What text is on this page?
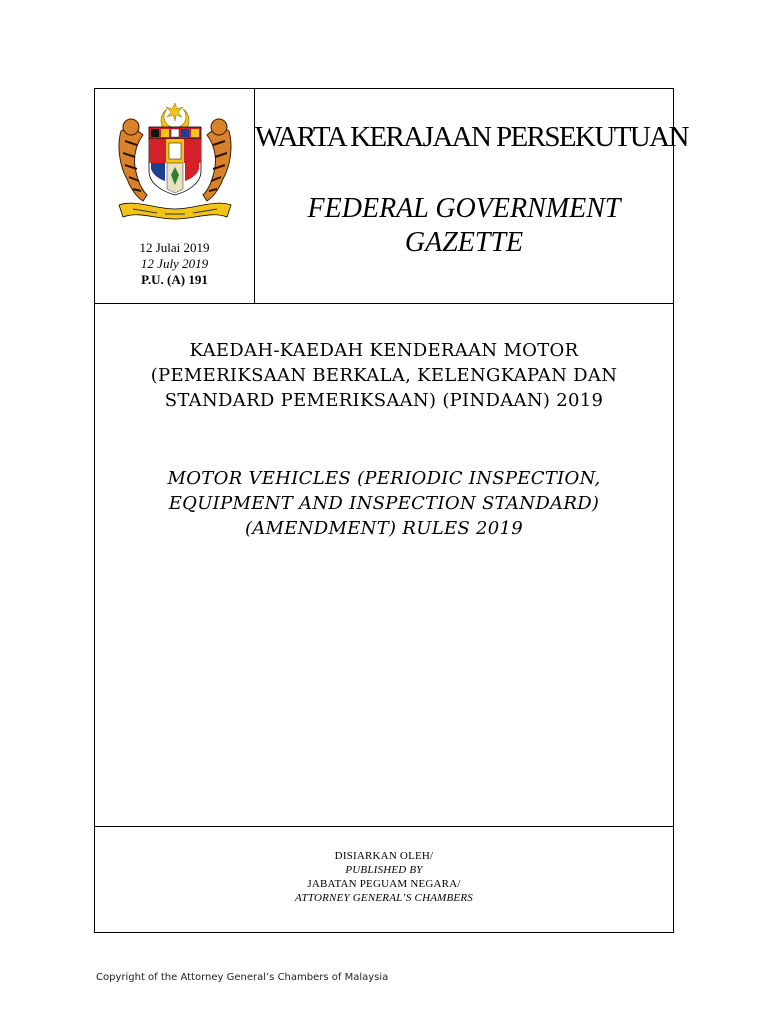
12 Julai 2019
12 July 2019
P.U. (A) 191
WARTA KERAJAAN PERSEKUTUAN
FEDERAL GOVERNMENT
GAZETTE
KAEDAH-KAEDAH KENDERAAN MOTOR
(PEMERIKSAAN BERKALA, KELENGKAPAN DAN
STANDARD PEMERIKSAAN) (PINDAAN) 2019
MOTOR VEHICLES (PERIODIC INSPECTION,
EQUIPMENT AND INSPECTION STANDARD)
(AMENDMENT) RULES 2019
DISIARKAN OLEH/
PUBLISHED BY
JABATAN PEGUAM NEGARA/
ATTORNEY GENERAL’S CHAMBERS
Copyright of the Attorney General’s Chambers of Malaysia
